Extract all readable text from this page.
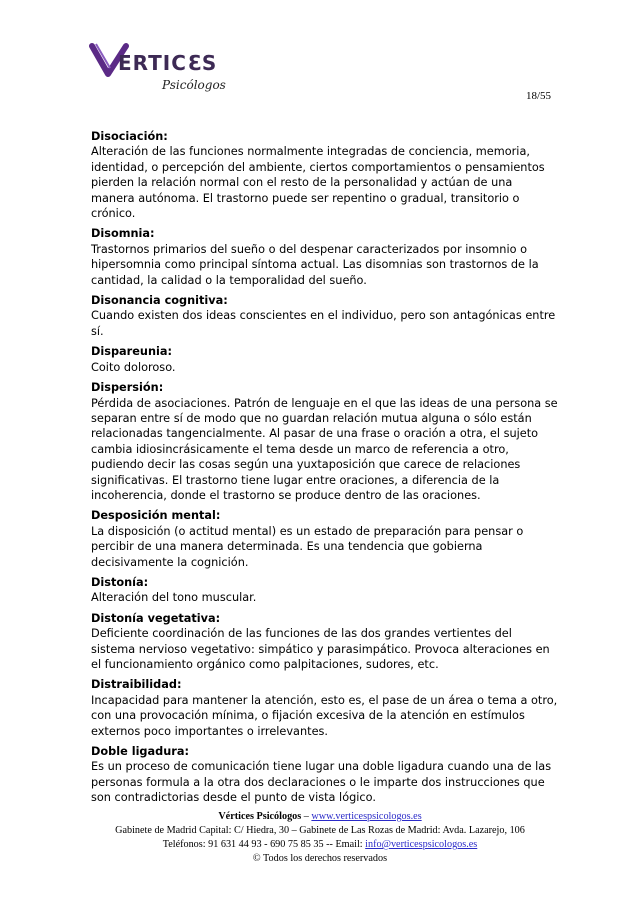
ERTIC ƐS
Psicólogos
18/55
Disociación:
Alteración de las funciones normalmente integradas de conciencia, memoria, identidad, o percepción del ambiente, ciertos comportamientos o pensamientos pierden la relación normal con el resto de la personalidad y actúan de una manera autónoma. El trastorno puede ser repentino o gradual, transitorio o crónico.
Disomnia:
Trastornos primarios del sueño o del despenar caracterizados por insomnio o hipersomnia como principal síntoma actual. Las disomnias son trastornos de la cantidad, la calidad o la temporalidad del sueño.
Disonancia cognitiva:
Cuando existen dos ideas conscientes en el individuo, pero son antagónicas entre sí.
Dispareunia:
Coito doloroso.
Dispersión:
Pérdida de asociaciones. Patrón de lenguaje en el que las ideas de una persona se separan entre sí de modo que no guardan relación mutua alguna o sólo están relacionadas tangencialmente. Al pasar de una frase o oración a otra, el sujeto cambia idiosincrásicamente el tema desde un marco de referencia a otro, pudiendo decir las cosas según una yuxtaposición que carece de relaciones significativas. El trastorno tiene lugar entre oraciones, a diferencia de la incoherencia, donde el trastorno se produce dentro de las oraciones.
Desposición mental:
La disposición (o actitud mental) es un estado de preparación para pensar o percibir de una manera determinada. Es una tendencia que gobierna decisivamente la cognición.
Distonía:
Alteración del tono muscular.
Distonía vegetativa:
Deficiente coordinación de las funciones de las dos grandes vertientes del sistema nervioso vegetativo: simpático y parasimpático. Provoca alteraciones en el funcionamiento orgánico como palpitaciones, sudores, etc.
Distraibilidad:
Incapacidad para mantener la atención, esto es, el pase de un área o tema a otro, con una provocación mínima, o fijación excesiva de la atención en estímulos externos poco importantes o irrelevantes.
Doble ligadura:
Es un proceso de comunicación tiene lugar una doble ligadura cuando una de las personas formula a la otra dos declaraciones o le imparte dos instrucciones que son contradictorias desde el punto de vista lógico.
Vértices Psicólogos – www.verticespsicologos.es
Gabinete de Madrid Capital: C/ Hiedra, 30 – Gabinete de Las Rozas de Madrid: Avda. Lazarejo, 106
Teléfonos: 91 631 44 93 - 690 75 85 35 -- Email: info@verticespsicologos.es
© Todos los derechos reservados
